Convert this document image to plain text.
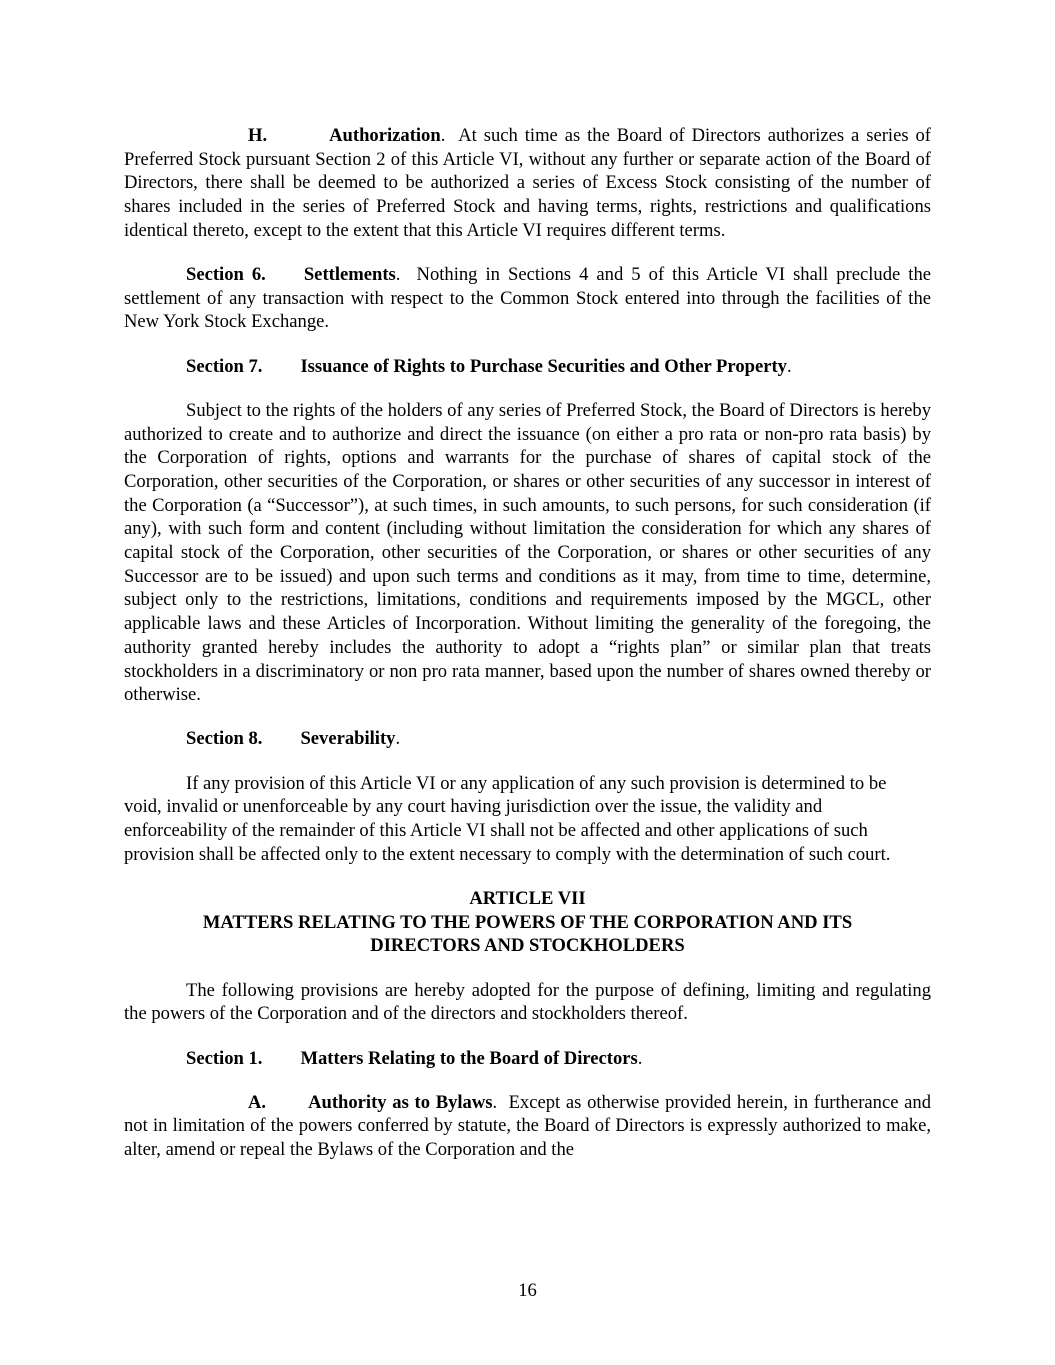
H.	Authorization.  At such time as the Board of Directors authorizes a series of Preferred Stock pursuant Section 2 of this Article VI, without any further or separate action of the Board of Directors, there shall be deemed to be authorized a series of Excess Stock consisting of the number of shares included in the series of Preferred Stock and having terms, rights, restrictions and qualifications identical thereto, except to the extent that this Article VI requires different terms.

Section 6. Settlements.  Nothing in Sections 4 and 5 of this Article VI shall preclude the settlement of any transaction with respect to the Common Stock entered into through the facilities of the New York Stock Exchange.

Section 7. Issuance of Rights to Purchase Securities and Other Property.

Subject to the rights of the holders of any series of Preferred Stock, the Board of Directors is hereby authorized to create and to authorize and direct the issuance (on either a pro rata or non-pro rata basis) by the Corporation of rights, options and warrants for the purchase of shares of capital stock of the Corporation, other securities of the Corporation, or shares or other securities of any successor in interest of the Corporation (a “Successor”), at such times, in such amounts, to such persons, for such consideration (if any), with such form and content (including without limitation the consideration for which any shares of capital stock of the Corporation, other securities of the Corporation, or shares or other securities of any Successor are to be issued) and upon such terms and conditions as it may, from time to time, determine, subject only to the restrictions, limitations, conditions and requirements imposed by the MGCL, other applicable laws and these Articles of Incorporation. Without limiting the generality of the foregoing, the authority granted hereby includes the authority to adopt a “rights plan” or similar plan that treats stockholders in a discriminatory or non pro rata manner, based upon the number of shares owned thereby or otherwise.

Section 8. Severability.

If any provision of this Article VI or any application of any such provision is determined to be void, invalid or unenforceable by any court having jurisdiction over the issue, the validity and enforceability of the remainder of this Article VI shall not be affected and other applications of such provision shall be affected only to the extent necessary to comply with the determination of such court.

ARTICLE VII
MATTERS RELATING TO THE POWERS OF THE CORPORATION AND ITS
DIRECTORS AND STOCKHOLDERS

The following provisions are hereby adopted for the purpose of defining, limiting and regulating the powers of the Corporation and of the directors and stockholders thereof.

Section 1. Matters Relating to the Board of Directors.

A. Authority as to Bylaws.  Except as otherwise provided herein, in furtherance and not in limitation of the powers conferred by statute, the Board of Directors is expressly authorized to make, alter, amend or repeal the Bylaws of the Corporation and the

16
